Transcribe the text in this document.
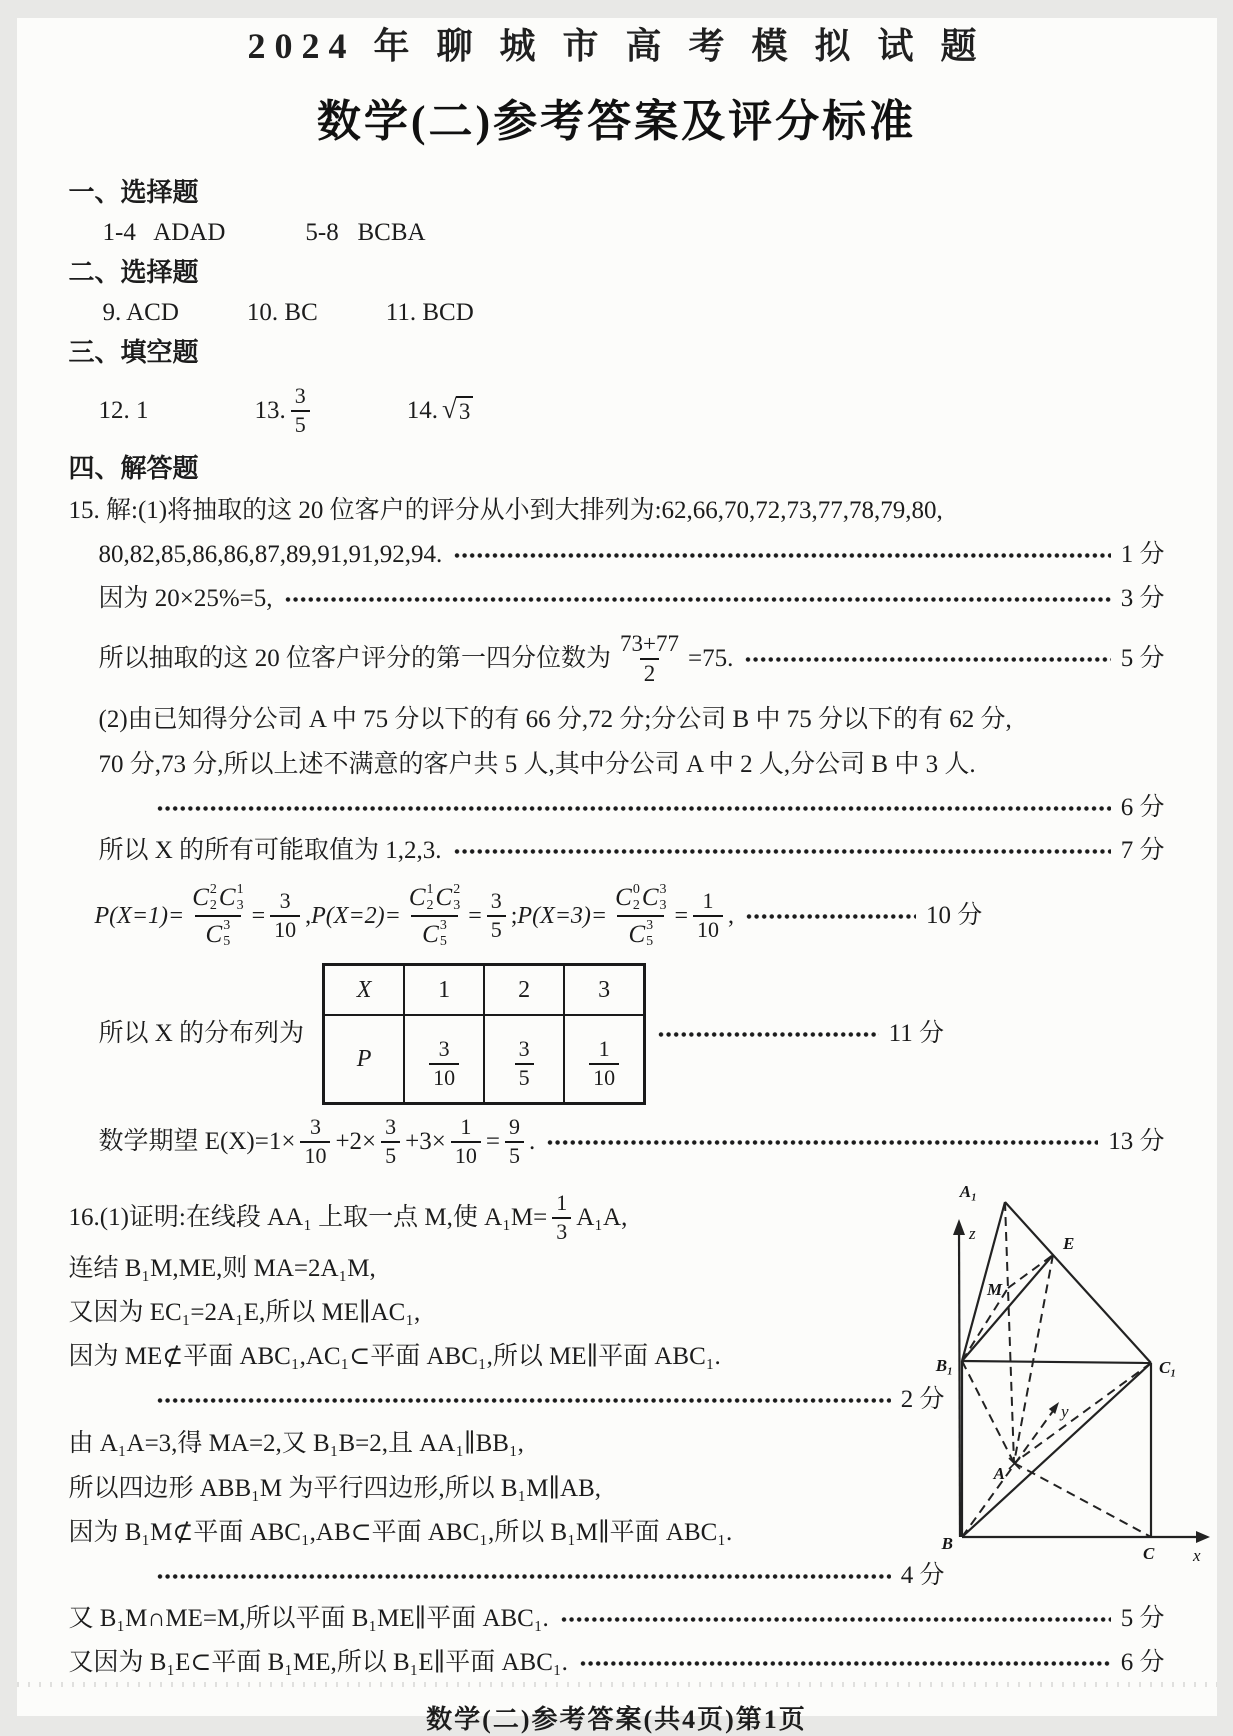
2024 年 聊 城 市 高 考 模 拟 试 题
数学(二)参考答案及评分标准

一、选择题

1-4 ADAD	5-8 BCBA

二、选择题

9. ACD	10. BC	11. BCD

三、填空题

12. 1	13. $\frac{3}{5}$	14. √ 3

四、解答题

15. 解:(1)将抽取的这 20 位客户的评分从小到大排列为:62,66,70,72,73,77,78,79,80,
80,82,85,86,86,87,89,91,91,92,94.	1 分
因为 20×25%=5,	3 分
所以抽取的这 20 位客户评分的第一四分位数为 $\frac{73+77}{2} =75$.	5 分
(2)由已知得分公司 A 中 75 分以下的有 66 分,72 分;分公司 B 中 75 分以下的有 62 分,
70 分,73 分,所以上述不满意的客户共 5 人,其中分公司 A 中 2 人,分公司 B 中 3 人.
6 分
所以 X 的所有可能取值为 1,2,3.	7 分
P(X=1)= C 2
2 C 1
3
C 3
$5 = \frac{3}{10}$ , P(X=2)= C 1
2 C 2
3
C 3
$5 = \frac{3}{5}$ ; P(X=3)= C 0
2 C 3
3
C 3
$5 = \frac{1}{10}$ ,	10 分
所以 X 的分布列为
X	1	2	3
P	$\frac{3}{10}$	$\frac{3}{5}$	$\frac{1}{10}$
11 分
数学期望 $E(X)=1\times \frac{3}{10} +2\times \frac{3}{5} +3\times \frac{1}{10} = \frac{9}{5}$ .	13 分
16.(1)证明:在线段 AA₁ 上取一点 M,使 $A_1M= \frac{1}{3} A_1A$,
连结 B₁M,ME,则 MA=2A₁M,
又因为 EC₁=2A₁E,所以 ME∥AC₁,
因为 ME⊄平面 ABC₁,AC₁⊂平面 ABC₁,所以 ME∥平面 ABC₁.
2 分
由 A₁A=3,得 MA=2,又 B₁B=2,且 AA₁∥BB₁,
所以四边形 ABB₁M 为平行四边形,所以 B₁M∥AB,
因为 B₁M⊄平面 ABC₁,AB⊂平面 ABC₁,所以 B₁M∥平面 ABC₁.
4 分
又 B₁M∩ME=M,所以平面 B₁ME∥平面 ABC₁.	5 分
又因为 B₁E⊂平面 B₁ME,所以 B₁E∥平面 ABC₁.	6 分
A₁
E
M
B₁	C₁
A
B
C
z
y
x

数学(二)参考答案(共4页)第1页
